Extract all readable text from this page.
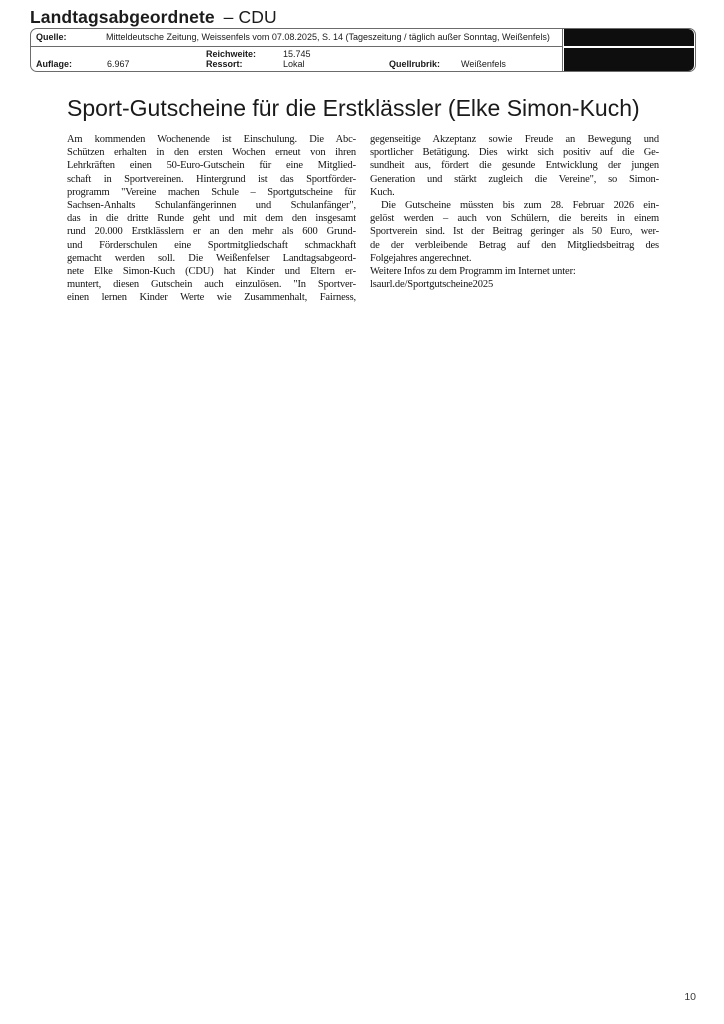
Landtagsabgeordnete – CDU
Quelle:	Mitteldeutsche Zeitung, Weissenfels vom 07.08.2025, S. 14 (Tageszeitung / täglich außer Sonntag, Weißenfels)
Reichweite:	15.745
Auflage:	6.967	Ressort:	Lokal	Quellrubrik: Weißenfels
Sport-Gutscheine für die Erstklässler (Elke Simon-Kuch)
Am kommenden Wochenende ist Einschulung. Die Abc-
Schützen erhalten in den ersten Wochen erneut von ihren
Lehrkräften einen 50-Euro-Gutschein für eine Mitglied-
schaft in Sportvereinen. Hintergrund ist das Sportförder-
programm "Vereine machen Schule – Sportgutscheine für
Sachsen-Anhalts Schulanfängerinnen und Schulanfänger",
das in die dritte Runde geht und mit dem den insgesamt
rund 20.000 Erstklässlern er an den mehr als 600 Grund-
und Förderschulen eine Sportmitgliedschaft schmackhaft
gemacht werden soll. Die Weißenfelser Landtagsabgeord-
nete Elke Simon-Kuch (CDU) hat Kinder und Eltern er-
muntert, diesen Gutschein auch einzulösen. "In Sportver-
einen lernen Kinder Werte wie Zusammenhalt, Fairness,
gegenseitige Akzeptanz sowie Freude an Bewegung und
sportlicher Betätigung. Dies wirkt sich positiv auf die Ge-
sundheit aus, fördert die gesunde Entwicklung der jungen
Generation und stärkt zugleich die Vereine", so Simon-
Kuch.
Die Gutscheine müssten bis zum 28. Februar 2026 ein-
gelöst werden – auch von Schülern, die bereits in einem
Sportverein sind. Ist der Beitrag geringer als 50 Euro, wer-
de der verbleibende Betrag auf den Mitgliedsbeitrag des
Folgejahres angerechnet.
Weitere Infos zu dem Programm im Internet unter:
lsaurl.de/Sportgutscheine2025
10
